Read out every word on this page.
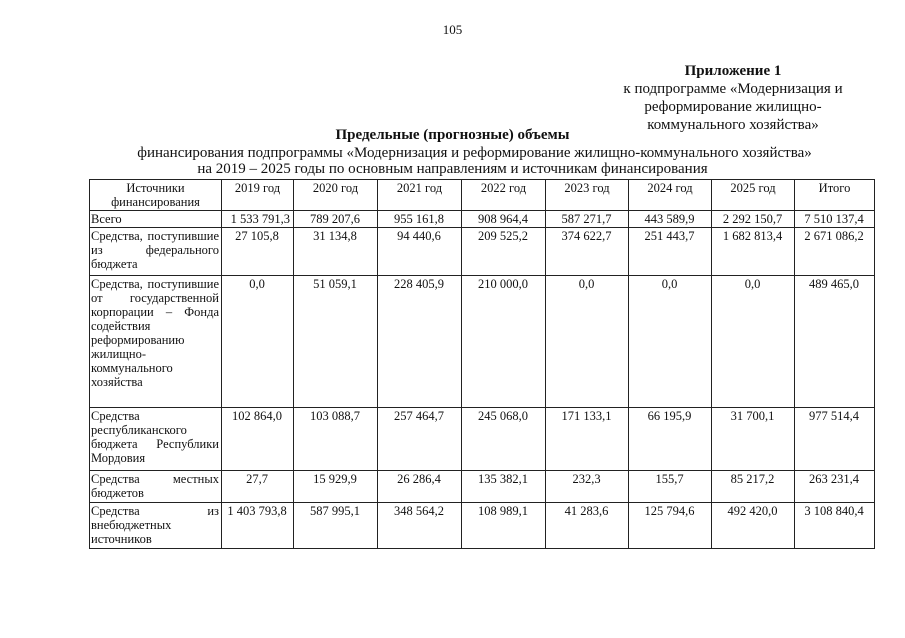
105
Приложение 1
к подпрограмме «Модернизация и
реформирование жилищно-
коммунального хозяйства»
Предельные (прогнозные) объемы
финансирования подпрограммы «Модернизация и реформирование жилищно-коммунального хозяйства»
на 2019 – 2025 годы по основным направлениям и источникам финансирования
Источники финансирования	2019 год	2020 год	2021 год	2022 год	2023 год	2024 год	2025 год	Итого
Всего	1 533 791,3	789 207,6	955 161,8	908 964,4	587 271,7	443 589,9	2 292 150,7	7 510 137,4
Средства, поступившие из федерального бюджета	27 105,8	31 134,8	94 440,6	209 525,2	374 622,7	251 443,7	1 682 813,4	2 671 086,2
Средства, поступившие от государственной корпорации – Фонда содействия реформированию жилищно-коммунального хозяйства	0,0	51 059,1	228 405,9	210 000,0	0,0	0,0	0,0	489 465,0
Средства республиканского бюджета Республики Мордовия	102 864,0	103 088,7	257 464,7	245 068,0	171 133,1	66 195,9	31 700,1	977 514,4
Средства местных бюджетов	27,7	15 929,9	26 286,4	135 382,1	232,3	155,7	85 217,2	263 231,4
Средства из внебюджетных источников	1 403 793,8	587 995,1	348 564,2	108 989,1	41 283,6	125 794,6	492 420,0	3 108 840,4
